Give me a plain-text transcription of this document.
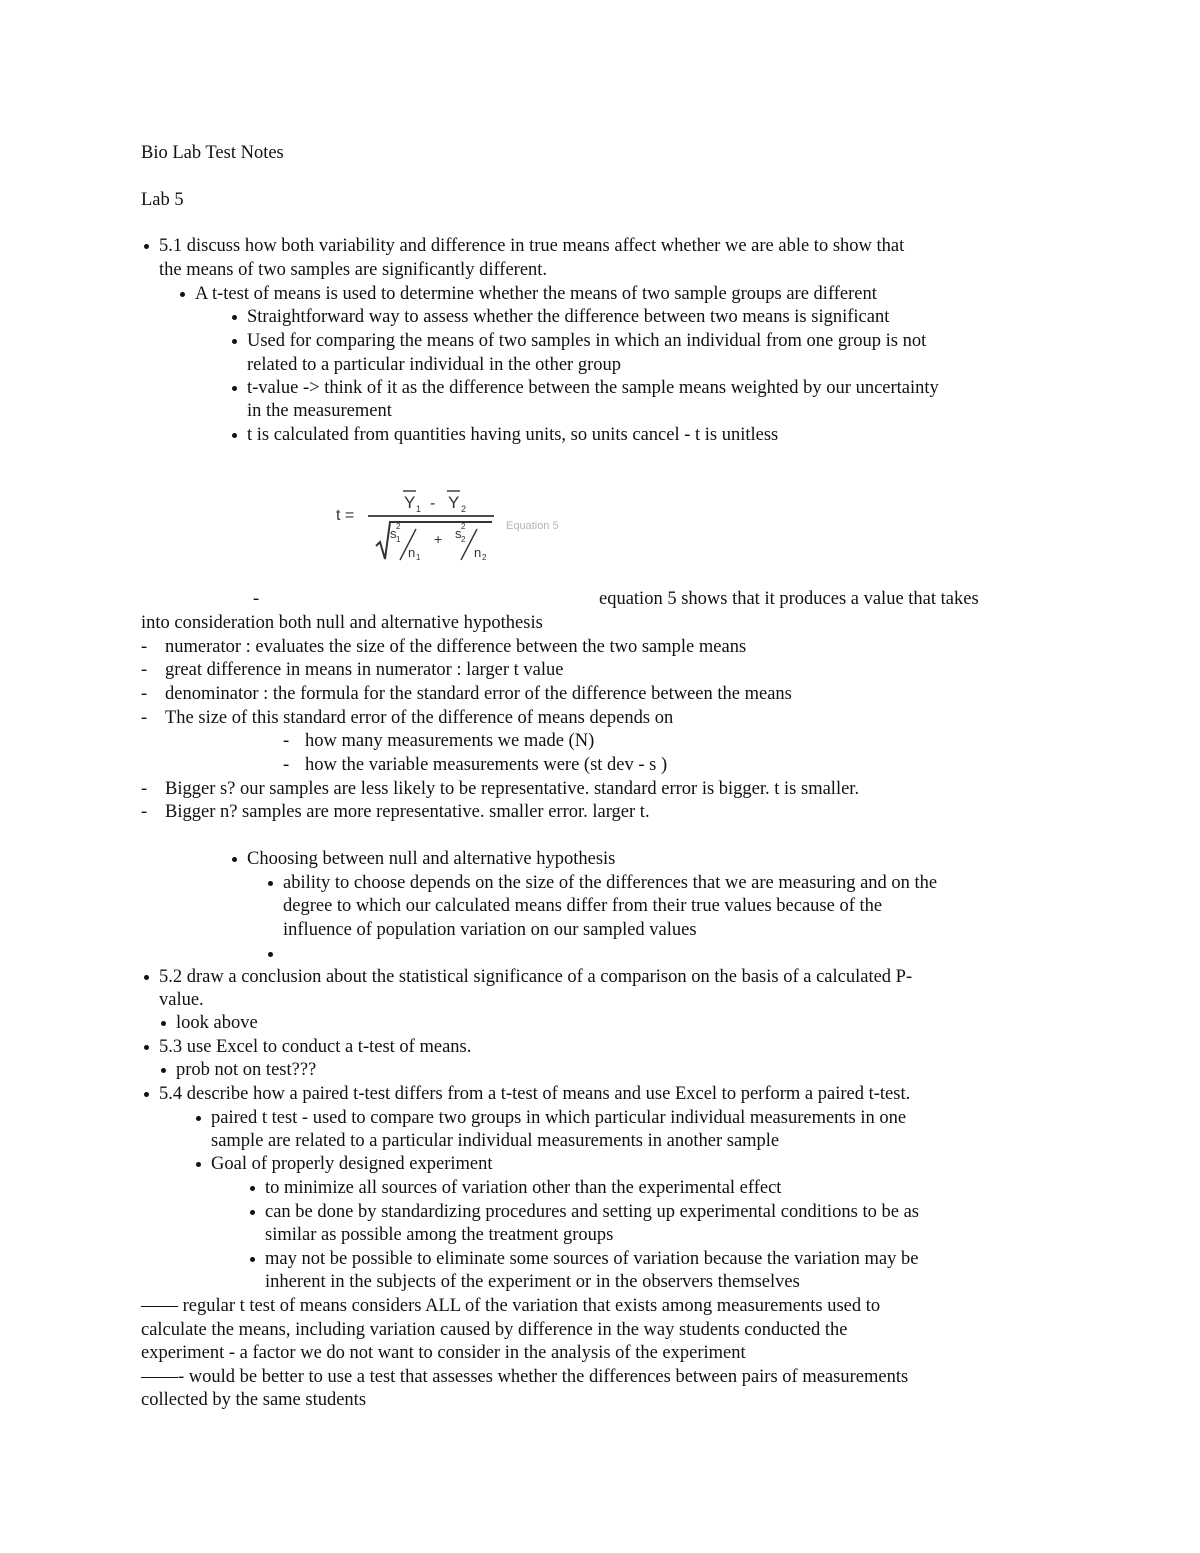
Bio Lab Test Notes
Lab 5
5.1 discuss how both variability and difference in true means affect whether we are able to show that
the means of two samples are significantly different.
A t-test of means is used to determine whether the means of two sample groups are different
Straightforward way to assess whether the difference between two means is significant
Used for comparing the means of two samples in which an individual from one group is not
related to a particular individual in the other group
t-value -> think of it as the difference between the sample means weighted by our uncertainty
in the measurement
t is calculated from quantities having units, so units cancel - t is unitless
t =
Y 1 - Y 2
s 2
1
n 1
+ s 2
2
n 2
Equation 5
-	equation 5 shows that it produces a value that takes
into consideration both null and alternative hypothesis
- numerator : evaluates the size of the difference between the two sample means
- great difference in means in numerator : larger t value
- denominator : the formula for the standard error of the difference between the means
- The size of this standard error of the difference of means depends on
- how many measurements we made (N)
- how the variable measurements were (st dev - s )
- Bigger s? our samples are less likely to be representative. standard error is bigger. t is smaller.
- Bigger n? samples are more representative. smaller error. larger t.
Choosing between null and alternative hypothesis
ability to choose depends on the size of the differences that we are measuring and on the
degree to which our calculated means differ from their true values because of the
influence of population variation on our sampled values
5.2 draw a conclusion about the statistical significance of a comparison on the basis of a calculated P-
value.
look above
5.3 use Excel to conduct a t-test of means.
prob not on test???
5.4 describe how a paired t-test differs from a t-test of means and use Excel to perform a paired t-test.
paired t test - used to compare two groups in which particular individual measurements in one
sample are related to a particular individual measurements in another sample
Goal of properly designed experiment
to minimize all sources of variation other than the experimental effect
can be done by standardizing procedures and setting up experimental conditions to be as
similar as possible among the treatment groups
may not be possible to eliminate some sources of variation because the variation may be
inherent in the subjects of the experiment or in the observers themselves
—— regular t test of means considers ALL of the variation that exists among measurements used to
calculate the means, including variation caused by difference in the way students conducted the
experiment - a factor we do not want to consider in the analysis of the experiment
——- would be better to use a test that assesses whether the differences between pairs of measurements
collected by the same students
